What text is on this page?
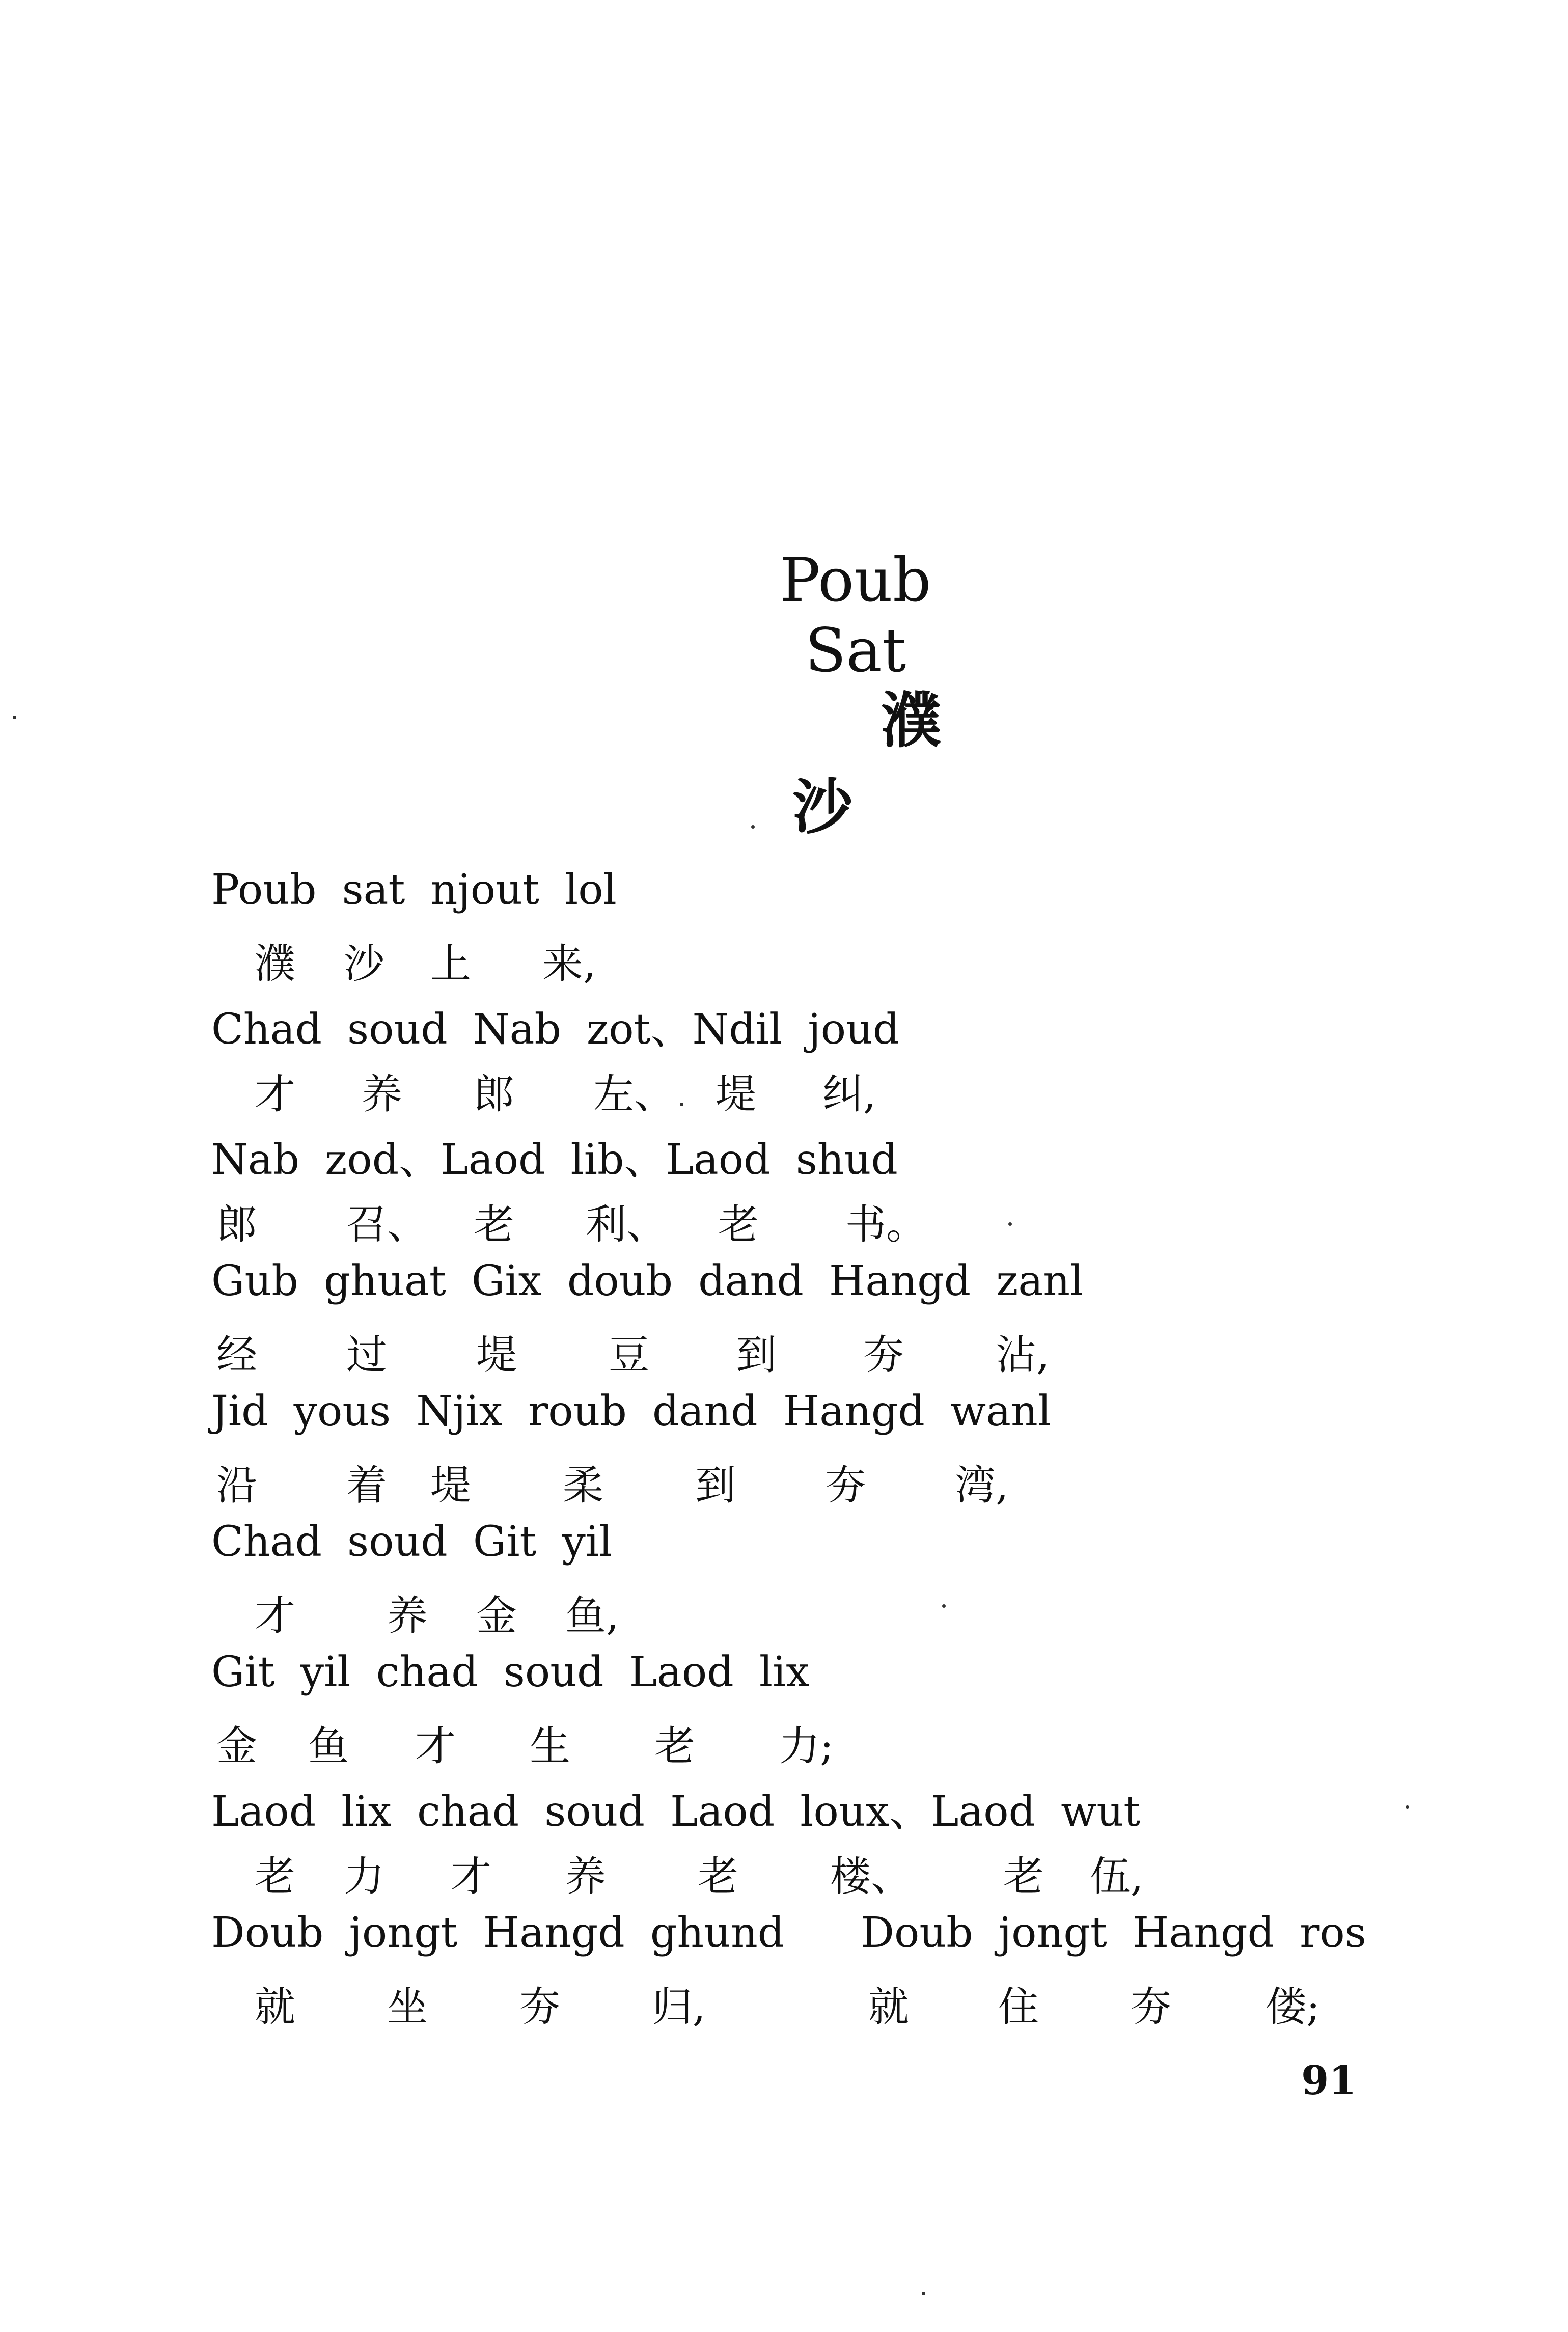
Poub Sat
濮沙
Poub sat njout lol
濮 沙 上 来,
Chad soud Nab zot、Ndil joud
才 养 郎 左、 堤 纠,
Nab zod、Laod lib、Laod shud
郎 召、 老 利、 老 书。
Gub ghuat Gix doub dand Hangd zanl
经 过 堤 豆 到 夯 沾,
Jid yous Njix roub dand Hangd wanl
沿 着 堤 柔 到 夯 湾,
Chad soud Git yil
才 养 金 鱼,
Git yil chad soud Laod lix
金 鱼 才 生 老 力;
Laod lix chad soud Laod loux、Laod wut
老 力 才 养 老 楼、 老 伍,
Doub jongt Hangd ghund Doub jongt Hangd ros
就 坐 夯 归,	就 住 夯 偻;
91
